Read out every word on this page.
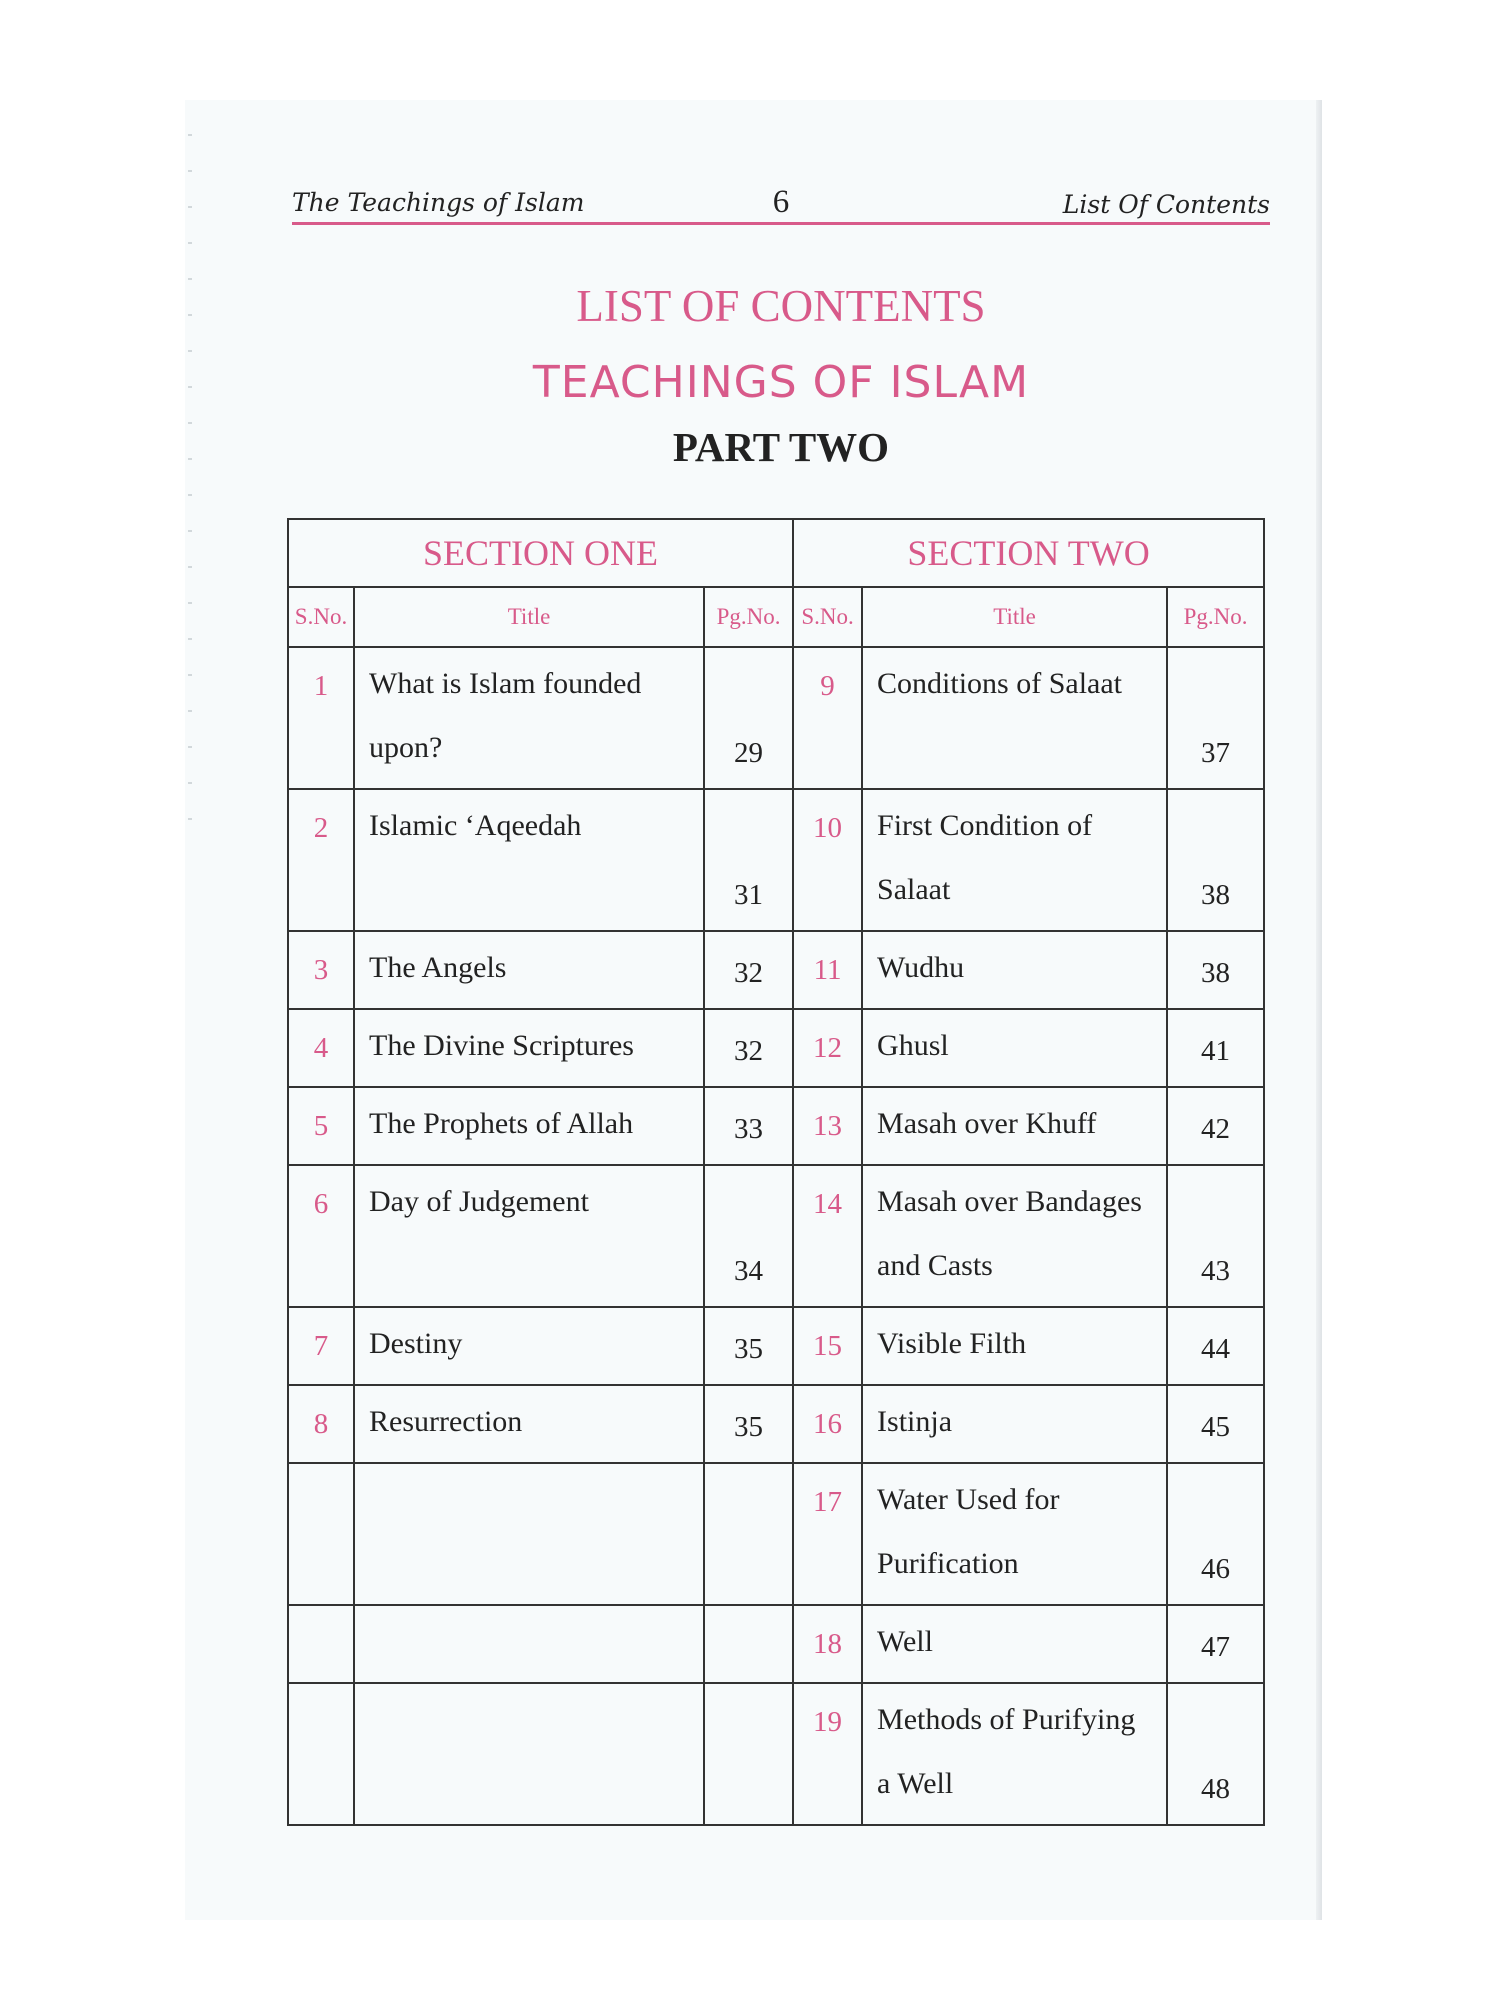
The Teachings of Islam	6	List Of Contents
LIST OF CONTENTS
TEACHINGS OF ISLAM
PART TWO
SECTION ONE			SECTION TWO		
S.No.	Title	Pg.No.	S.No.	Title	Pg.No.
1	What is Islam founded upon?	29	9	Conditions of Salaat	37
2	Islamic ʻAqeedah	31	10	First Condition of Salaat	38
3	The Angels	32	11	Wudhu	38
4	The Divine Scriptures	32	12	Ghusl	41
5	The Prophets of Allah	33	13	Masah over Khuff	42
6	Day of Judgement	34	14	Masah over Bandages and Casts	43
7	Destiny	35	15	Visible Filth	44
8	Resurrection	35	16	Istinja	45

		17	Water Used for Purification	46

		18	Well	47

		19	Methods of Purifying a Well	48
